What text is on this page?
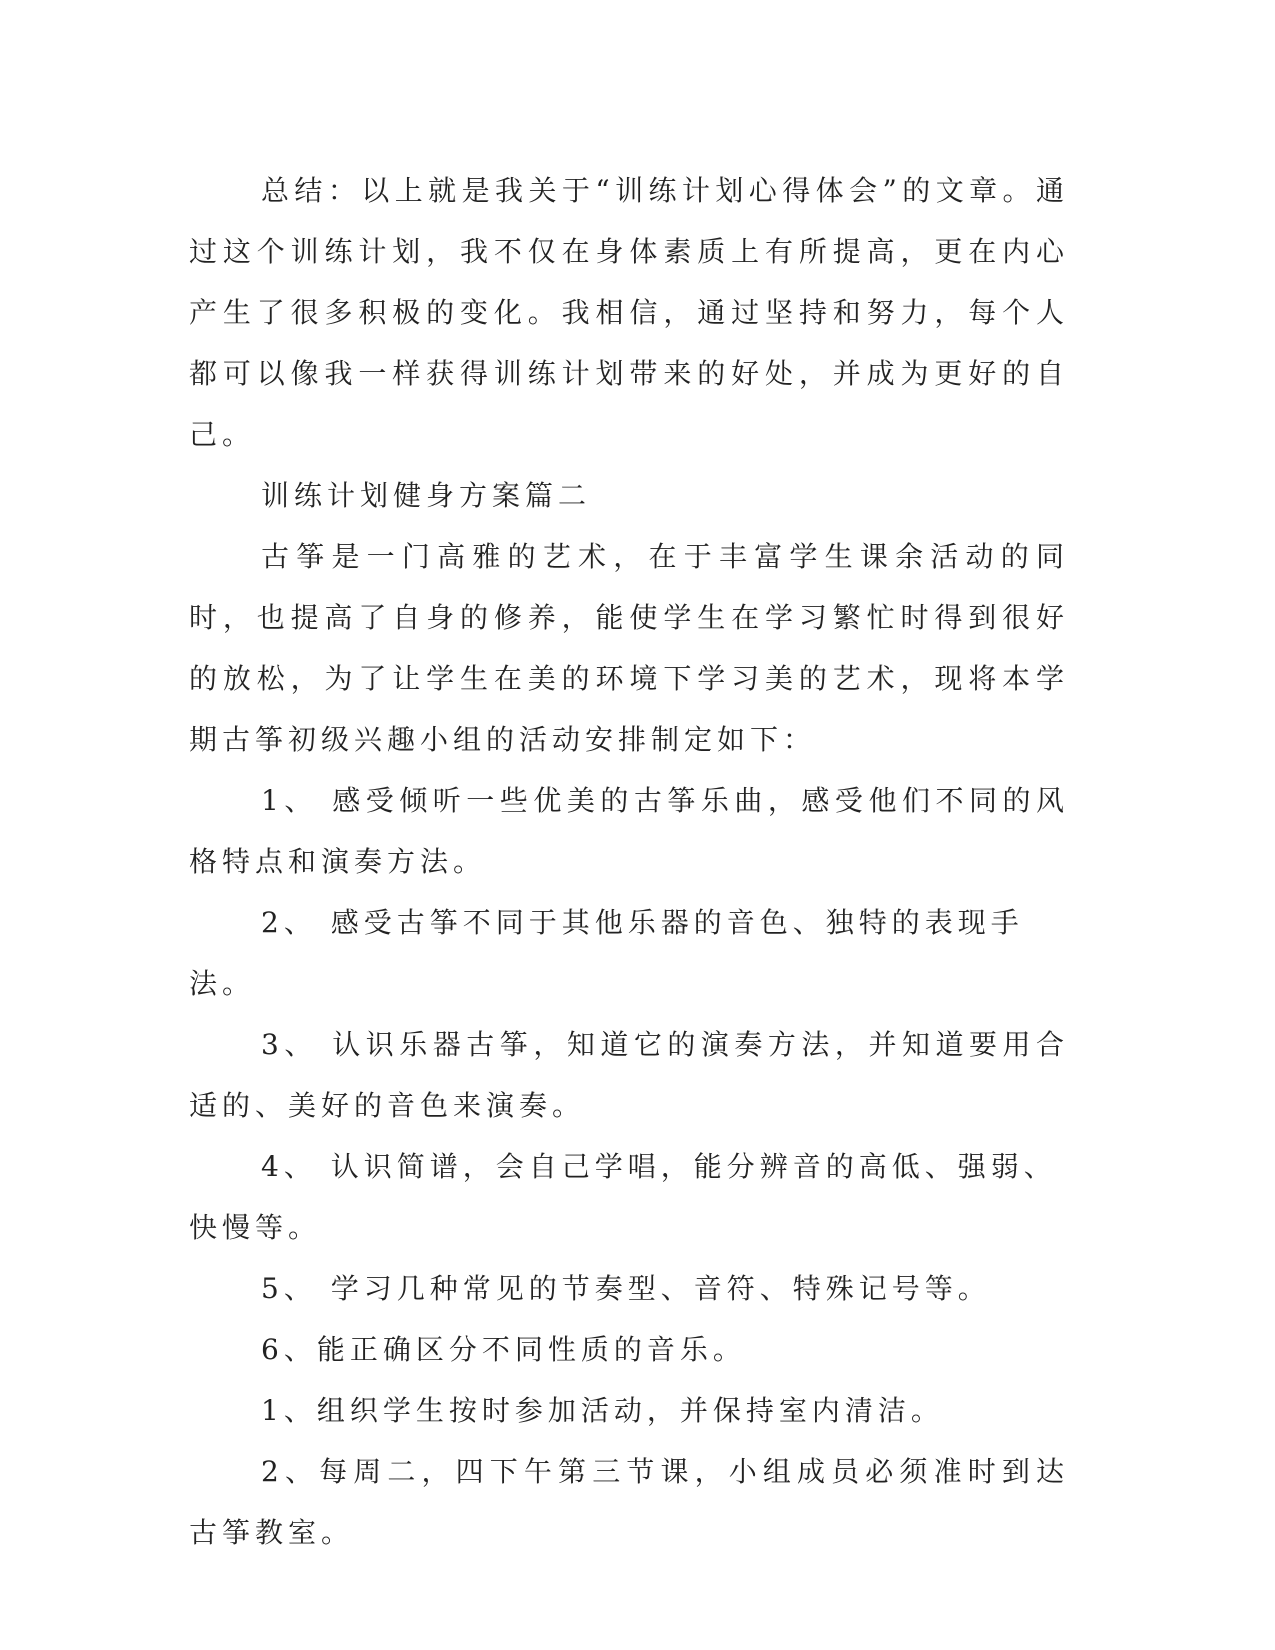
总结：以上就是我关于“训练计划心得体会”的文章。通过这个训练计划，我不仅在身体素质上有所提高，更在内心产生了很多积极的变化。我相信，通过坚持和努力，每个人都可以像我一样获得训练计划带来的好处，并成为更好的自己。

训练计划健身方案篇二

古筝是一门高雅的艺术，在于丰富学生课余活动的同时，也提高了自身的修养，能使学生在学习繁忙时得到很好的放松，为了让学生在美的环境下学习美的艺术，现将本学期古筝初级兴趣小组的活动安排制定如下：

1、 感受倾听一些优美的古筝乐曲，感受他们不同的风格特点和演奏方法。

2、 感受古筝不同于其他乐器的音色、独特的表现手法。

3、 认识乐器古筝，知道它的演奏方法，并知道要用合适的、美好的音色来演奏。

4、 认识简谱，会自己学唱，能分辨音的高低、强弱、快慢等。

5、 学习几种常见的节奏型、音符、特殊记号等。

6、能正确区分不同性质的音乐。

1、组织学生按时参加活动，并保持室内清洁。

2、每周二，四下午第三节课，小组成员必须准时到达古筝教室。
